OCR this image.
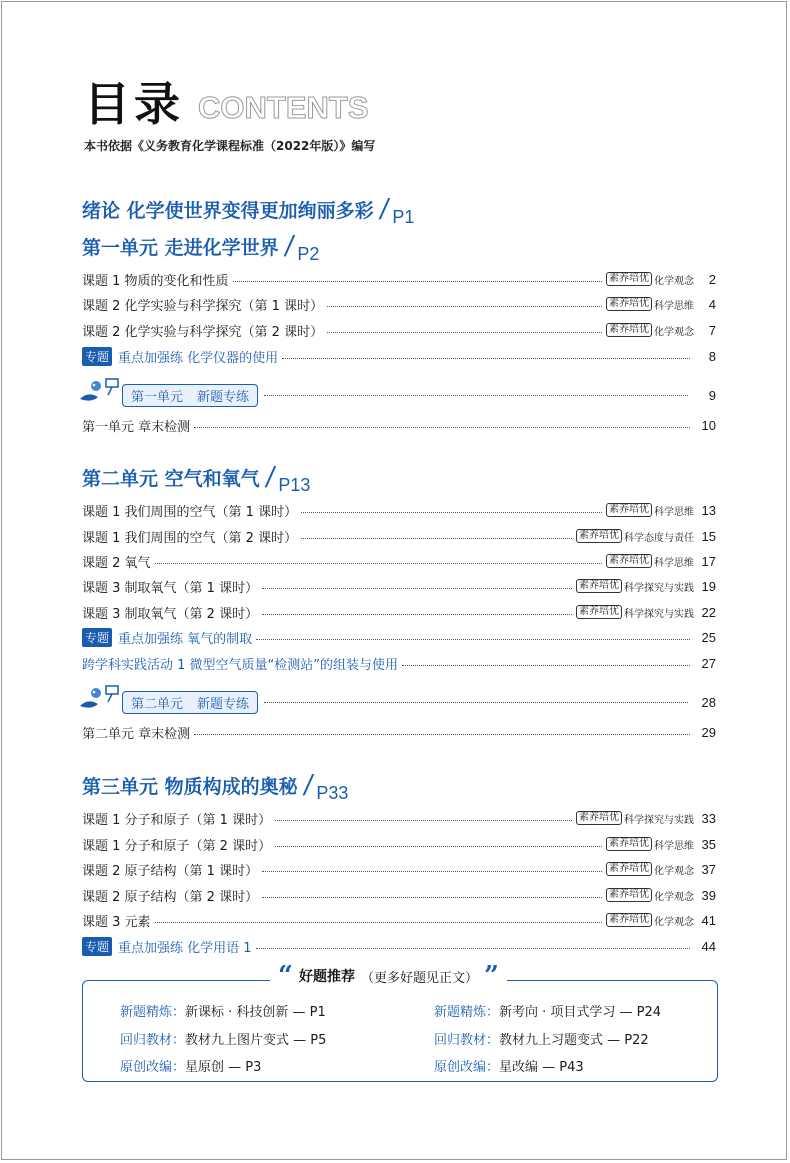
目录 CONTENTS
本书依据《义务教育化学课程标准（2022年版）》编写
绪论 化学使世界变得更加绚丽多彩 / P1
第一单元 走进化学世界 / P2
课题 1 物质的变化和性质	素养培优 化学观念	2
课题 2 化学实验与科学探究（第 1 课时）	素养培优 科学思维	4
课题 2 化学实验与科学探究（第 2 课时）	素养培优 化学观念	7
专题 重点加强练 化学仪器的使用	8
第一单元 新题专练	9
第一单元 章末检测	10
第二单元 空气和氧气 / P13
课题 1 我们周围的空气（第 1 课时）	素养培优 科学思维 13
课题 1 我们周围的空气（第 2 课时）	素养培优 科学态度与责任 15
课题 2 氧气	素养培优 科学思维 17
课题 3 制取氧气（第 1 课时）	素养培优 科学探究与实践 19
课题 3 制取氧气（第 2 课时）	素养培优 科学探究与实践 22
专题 重点加强练 氧气的制取	25
跨学科实践活动 1 微型空气质量“检测站”的组装与使用	27
第二单元 新题专练	28
第二单元 章末检测	29
第三单元 物质构成的奥秘 / P33
课题 1 分子和原子（第 1 课时）	素养培优 科学探究与实践 33
课题 1 分子和原子（第 2 课时）	素养培优 科学思维 35
课题 2 原子结构（第 1 课时）	素养培优 化学观念 37
课题 2 原子结构（第 2 课时）	素养培优 化学观念 39
课题 3 元素	素养培优 化学观念 41
专题 重点加强练 化学用语 1	44
“ 好题推荐 （更多好题见正文） ”
新题精炼：新课标 · 科技创新 — P1	新题精炼：新考向 · 项目式学习 — P24
回归教材：教材九上图片变式 — P5	回归教材：教材九上习题变式 — P22
原创改编：星原创 — P3	原创改编：星改编 — P43
